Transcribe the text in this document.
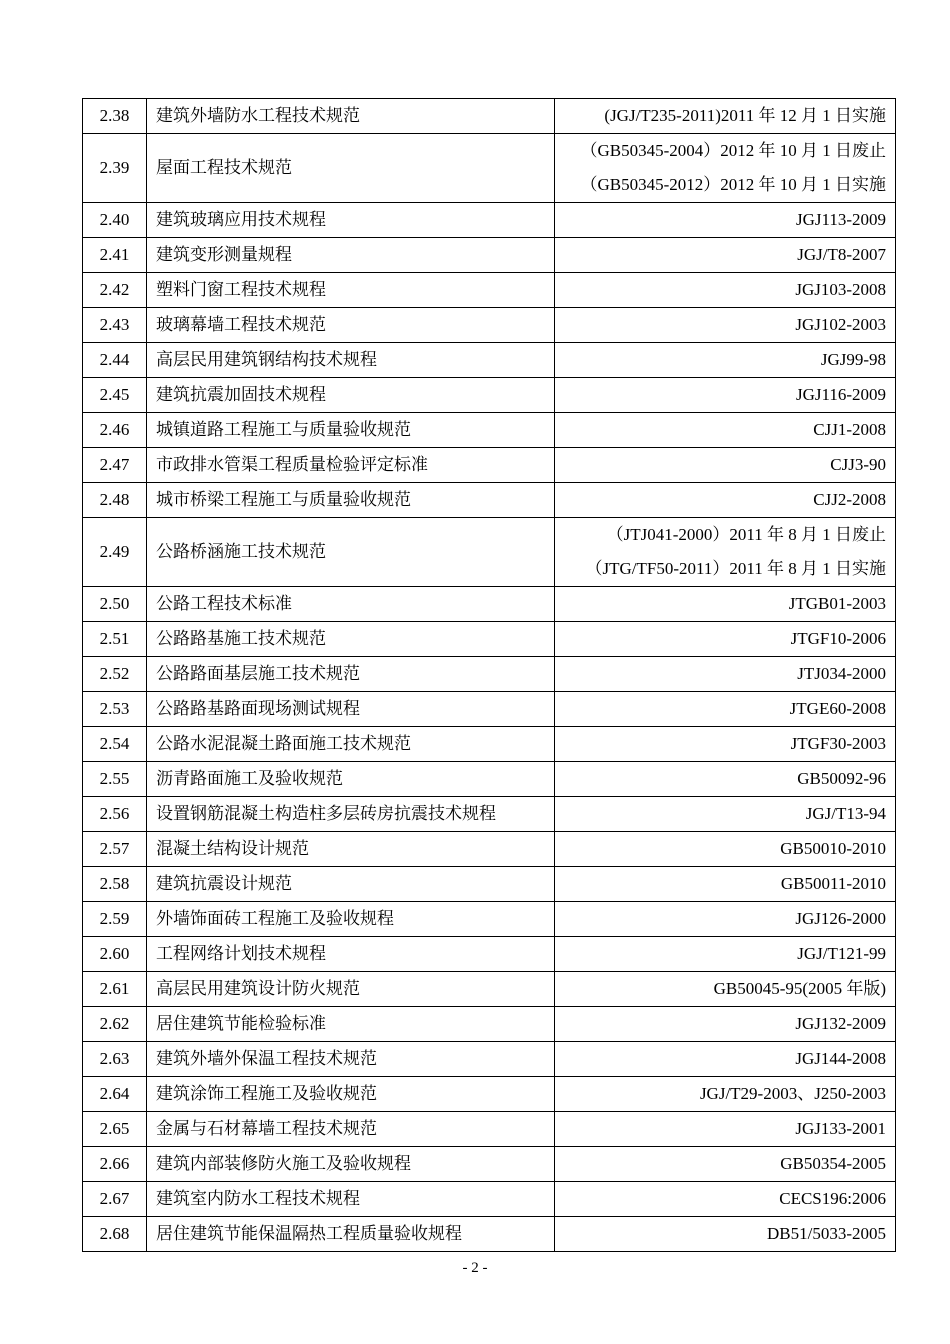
2.38	建筑外墙防水工程技术规范	(JGJ/T235-2011)2011 年 12 月 1 日实施

2.39	屋面工程技术规范	（GB50345-2004）2012 年 10 月 1 日废止
（GB50345-2012）2012 年 10 月 1 日实施

2.40	建筑玻璃应用技术规程	JGJ113-2009

2.41	建筑变形测量规程	JGJ/T8-2007

2.42	塑料门窗工程技术规程	JGJ103-2008

2.43	玻璃幕墙工程技术规范	JGJ102-2003

2.44	高层民用建筑钢结构技术规程	JGJ99-98

2.45	建筑抗震加固技术规程	JGJ116-2009

2.46	城镇道路工程施工与质量验收规范	CJJ1-2008

2.47	市政排水管渠工程质量检验评定标准	CJJ3-90

2.48	城市桥梁工程施工与质量验收规范	CJJ2-2008

2.49	公路桥涵施工技术规范	（JTJ041-2000）2011 年 8 月 1 日废止
（JTG/TF50-2011）2011 年 8 月 1 日实施

2.50	公路工程技术标准	JTGB01-2003

2.51	公路路基施工技术规范	JTGF10-2006

2.52	公路路面基层施工技术规范	JTJ034-2000

2.53	公路路基路面现场测试规程	JTGE60-2008

2.54	公路水泥混凝土路面施工技术规范	JTGF30-2003

2.55	沥青路面施工及验收规范	GB50092-96

2.56	设置钢筋混凝土构造柱多层砖房抗震技术规程	JGJ/T13-94

2.57	混凝土结构设计规范	GB50010-2010

2.58	建筑抗震设计规范	GB50011-2010

2.59	外墙饰面砖工程施工及验收规程	JGJ126-2000

2.60	工程网络计划技术规程	JGJ/T121-99

2.61	高层民用建筑设计防火规范	GB50045-95(2005 年版)

2.62	居住建筑节能检验标准	JGJ132-2009

2.63	建筑外墙外保温工程技术规范	JGJ144-2008

2.64	建筑涂饰工程施工及验收规范	JGJ/T29-2003、J250-2003

2.65	金属与石材幕墙工程技术规范	JGJ133-2001

2.66	建筑内部装修防火施工及验收规程	GB50354-2005

2.67	建筑室内防水工程技术规程	CECS196:2006

2.68	居住建筑节能保温隔热工程质量验收规程	DB51/5033-2005
- 2 -
